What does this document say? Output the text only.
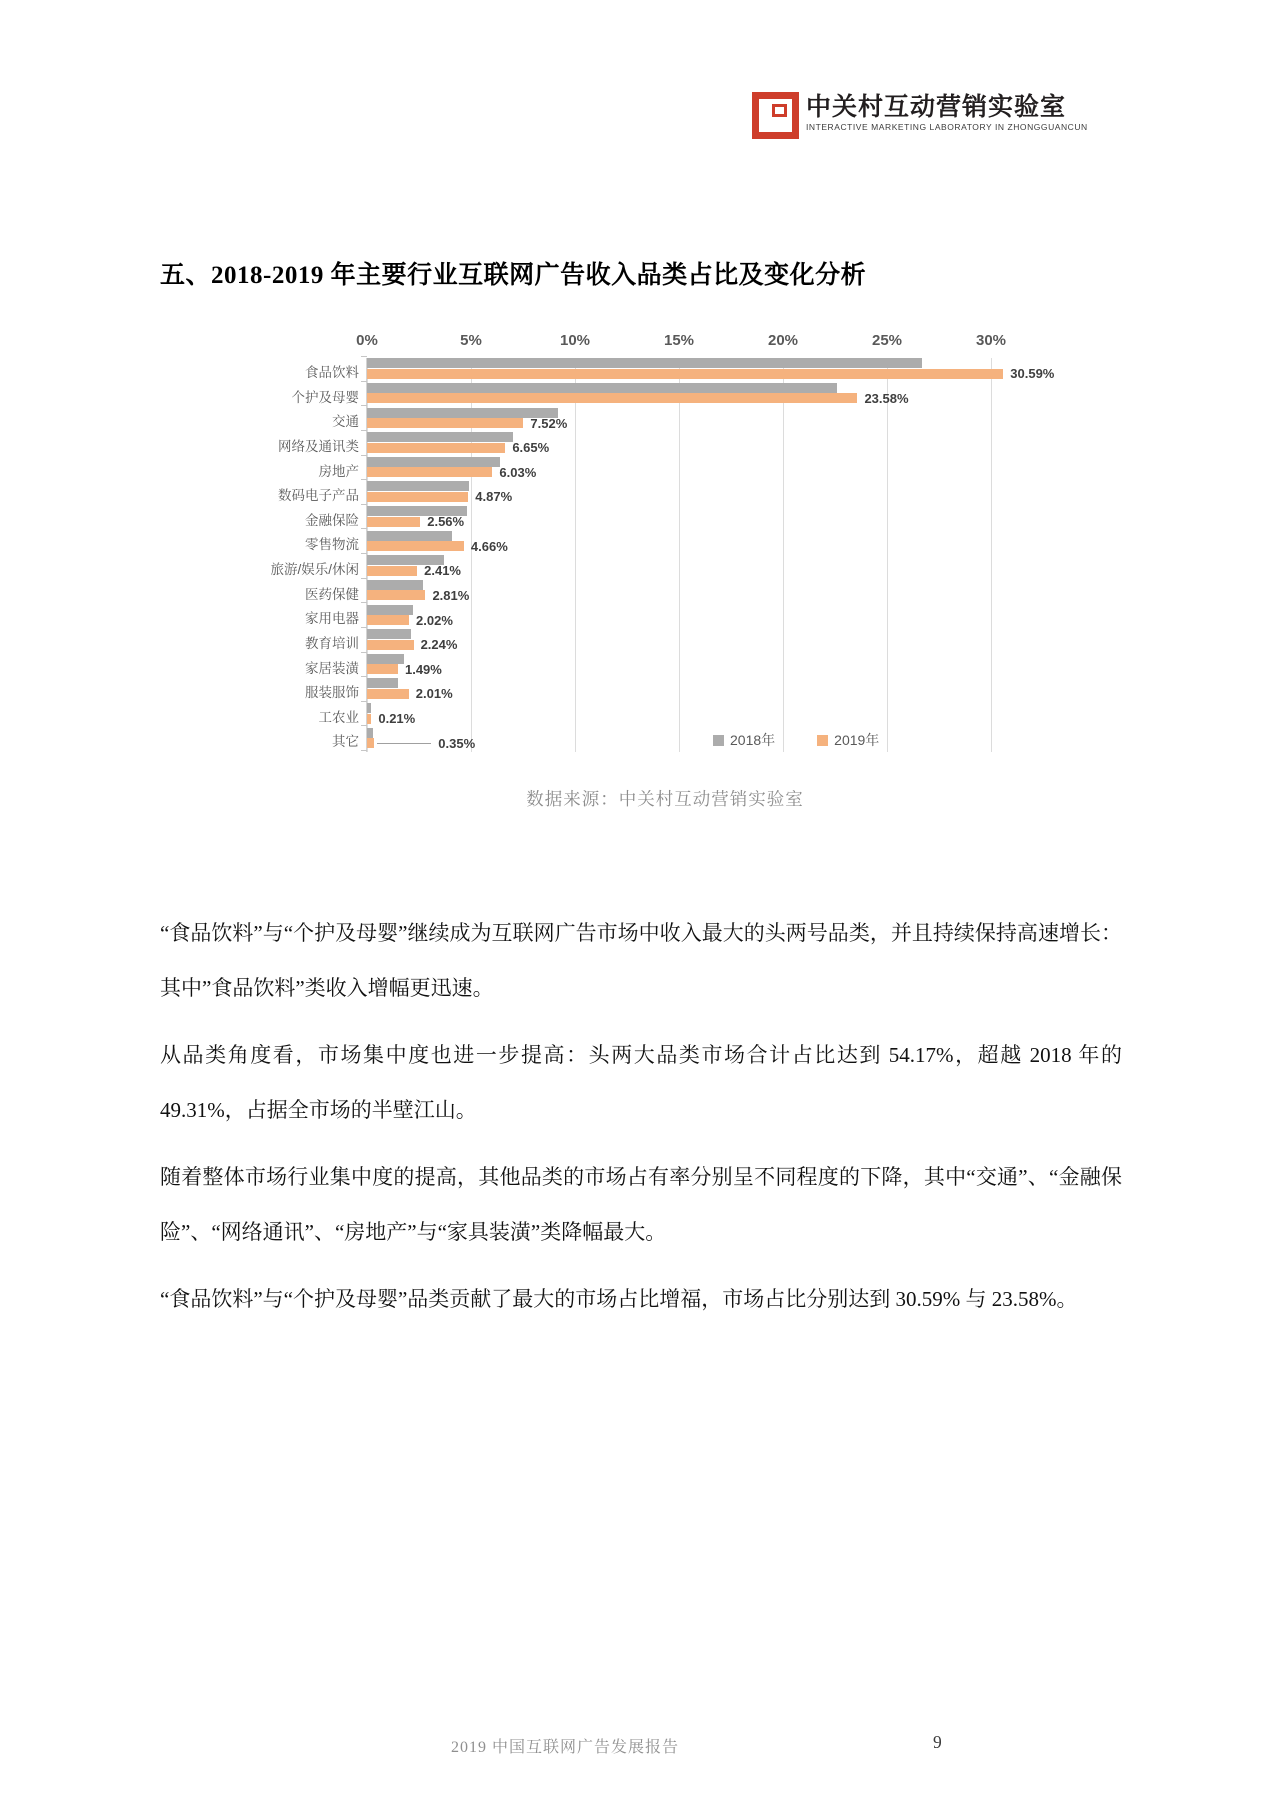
中关村互动营销实验室
INTERACTIVE MARKETING LABORATORY IN ZHONGGUANCUN
五、2018-2019 年主要行业互联网广告收入品类占比及变化分析
0%	5%	10%	15%	20%	25%	30%
食品饮料	30.59%
个护及母婴	23.58%
交通	7.52%
网络及通讯类	6.65%
房地产	6.03%
数码电子产品	4.87%
金融保险	2.56%
零售物流	4.66%
旅游/娱乐/休闲	2.41%
医药保健	2.81%
家用电器	2.02%
教育培训	2.24%
家居装潢	1.49%
服装服饰	2.01%
工农业 0.21%
其它	0.35%	2018年	2019年
数据来源：中关村互动营销实验室

“食品饮料”与“个护及母婴”继续成为互联网广告市场中收入最大的头两号品类，并且持续保持高速增长：其中”食品饮料”类收入增幅更迅速。

从品类角度看，市场集中度也进一步提高：头两大品类市场合计占比达到 54.17%，超越 2018 年的 49.31%，占据全市场的半壁江山。

随着整体市场行业集中度的提高，其他品类的市场占有率分别呈不同程度的下降，其中“交通”、“金融保险”、“网络通讯”、“房地产”与“家具装潢”类降幅最大。

“食品饮料”与“个护及母婴”品类贡献了最大的市场占比增福，市场占比分别达到 30.59% 与 23.58%。

2019 中国互联网广告发展报告	9
